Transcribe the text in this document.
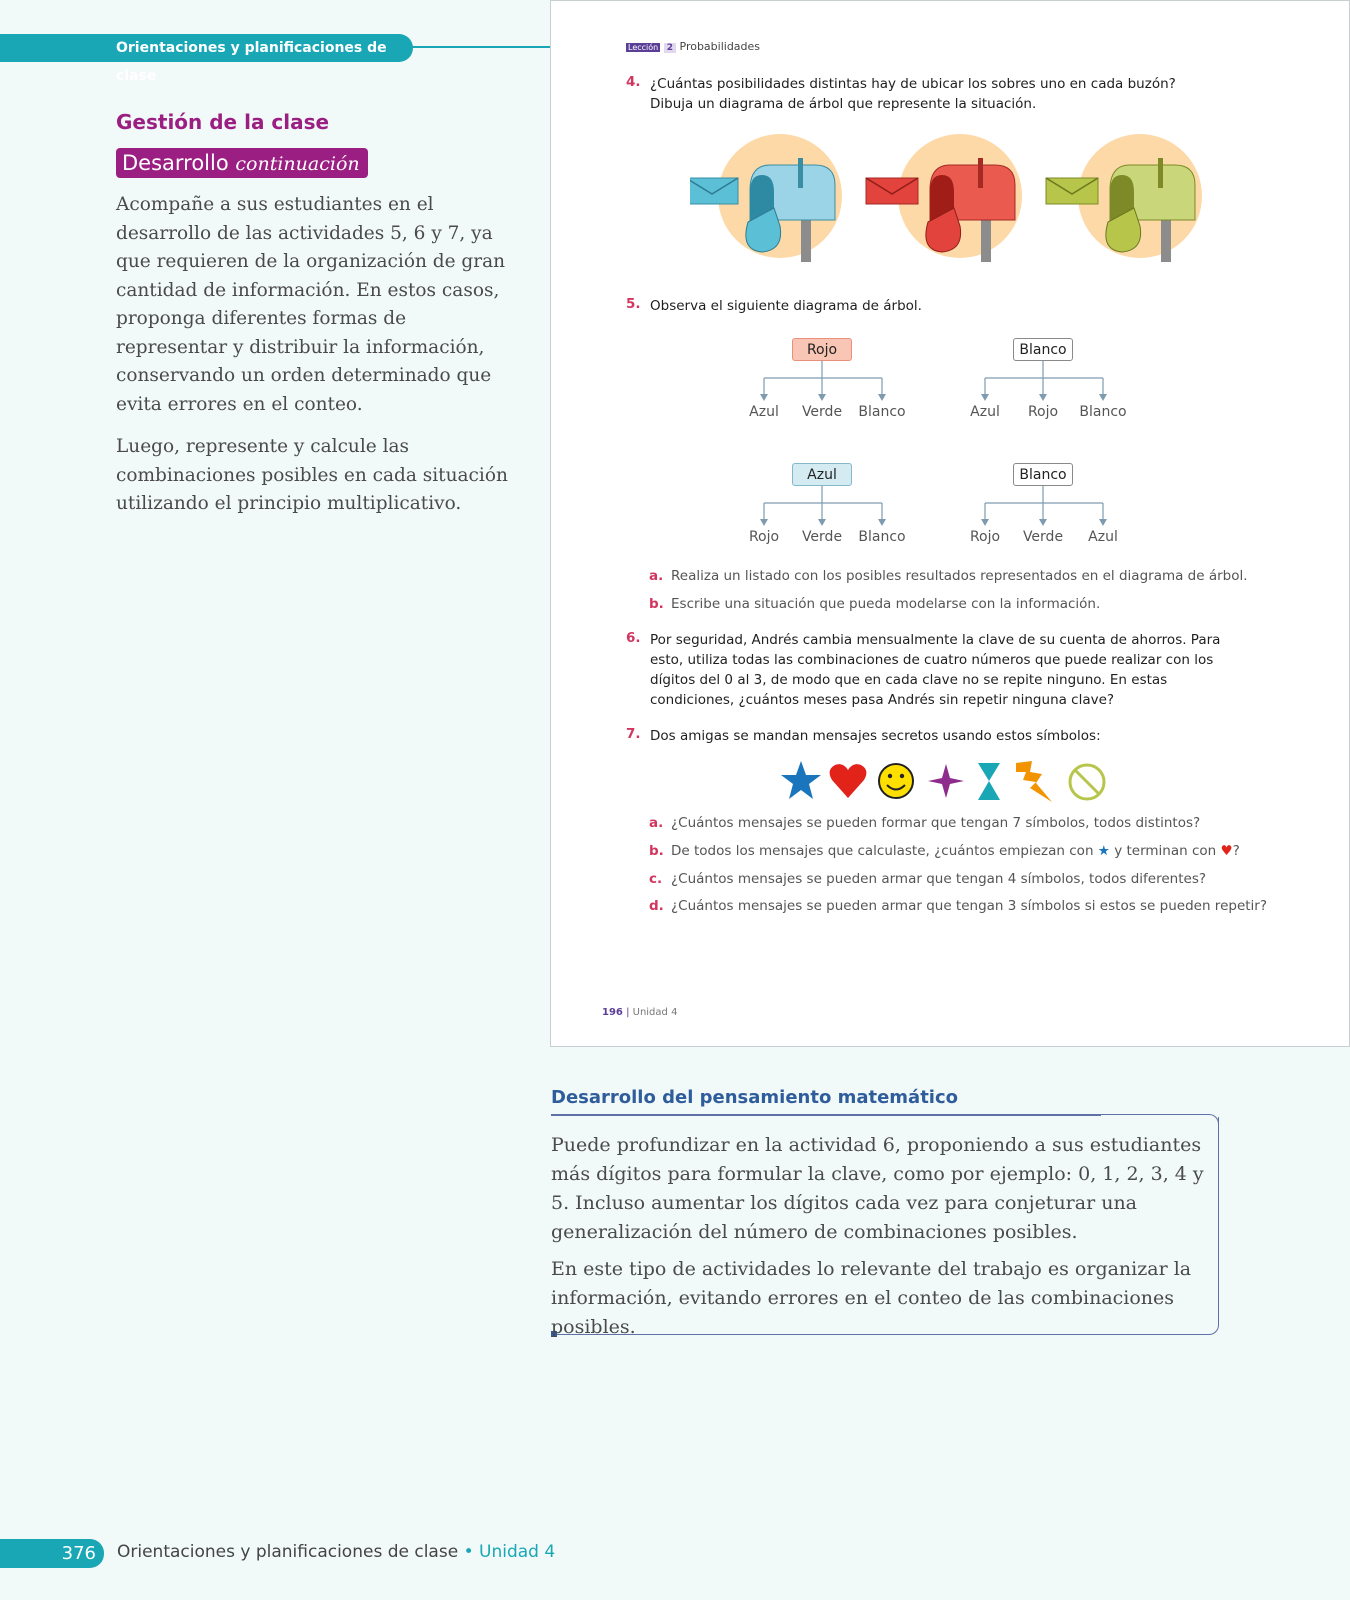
Orientaciones y planificaciones de clase
Gestión de la clase
Desarrollo continuación

Acompañe a sus estudiantes en el desarrollo de las actividades 5, 6 y 7, ya que requieren de la organización de gran cantidad de información. En estos casos, proponga diferentes formas de representar y distribuir la información, conservando un orden determinado que evita errores en el conteo.

Luego, represente y calcule las combinaciones posibles en cada situación utilizando el principio multiplicativo.

Lección 2 Probabilidades
4. ¿Cuántas posibilidades distintas hay de ubicar los sobres uno en cada buzón?
Dibuja un diagrama de árbol que represente la situación.
5. Observa el siguiente diagrama de árbol.
Rojo
Azul	Verde	Blanco
Blanco
Azul	Rojo	Blanco
Azul
Rojo	Verde	Blanco
Blanco
Rojo	Verde	Azul
a. Realiza un listado con los posibles resultados representados en el diagrama de árbol.
b. Escribe una situación que pueda modelarse con la información.
6. Por seguridad, Andrés cambia mensualmente la clave de su cuenta de ahorros. Para esto, utiliza todas las combinaciones de cuatro números que puede realizar con los dígitos del 0 al 3, de modo que en cada clave no se repite ninguno. En estas condiciones, ¿cuántos meses pasa Andrés sin repetir ninguna clave?
7. Dos amigas se mandan mensajes secretos usando estos símbolos:
a. ¿Cuántos mensajes se pueden formar que tengan 7 símbolos, todos distintos?
b. De todos los mensajes que calculaste, ¿cuántos empiezan con ★ y terminan con ♥?
c. ¿Cuántos mensajes se pueden armar que tengan 4 símbolos, todos diferentes?
d. ¿Cuántos mensajes se pueden armar que tengan 3 símbolos si estos se pueden repetir?
196 | Unidad 4
Desarrollo del pensamiento matemático

Puede profundizar en la actividad 6, proponiendo a sus estudiantes más dígitos para formular la clave, como por ejemplo: 0, 1, 2, 3, 4 y 5. Incluso aumentar los dígitos cada vez para conjeturar una generalización del número de combinaciones posibles.

En este tipo de actividades lo relevante del trabajo es organizar la información, evitando errores en el conteo de las combinaciones posibles.

376	Orientaciones y planificaciones de clase • Unidad 4
